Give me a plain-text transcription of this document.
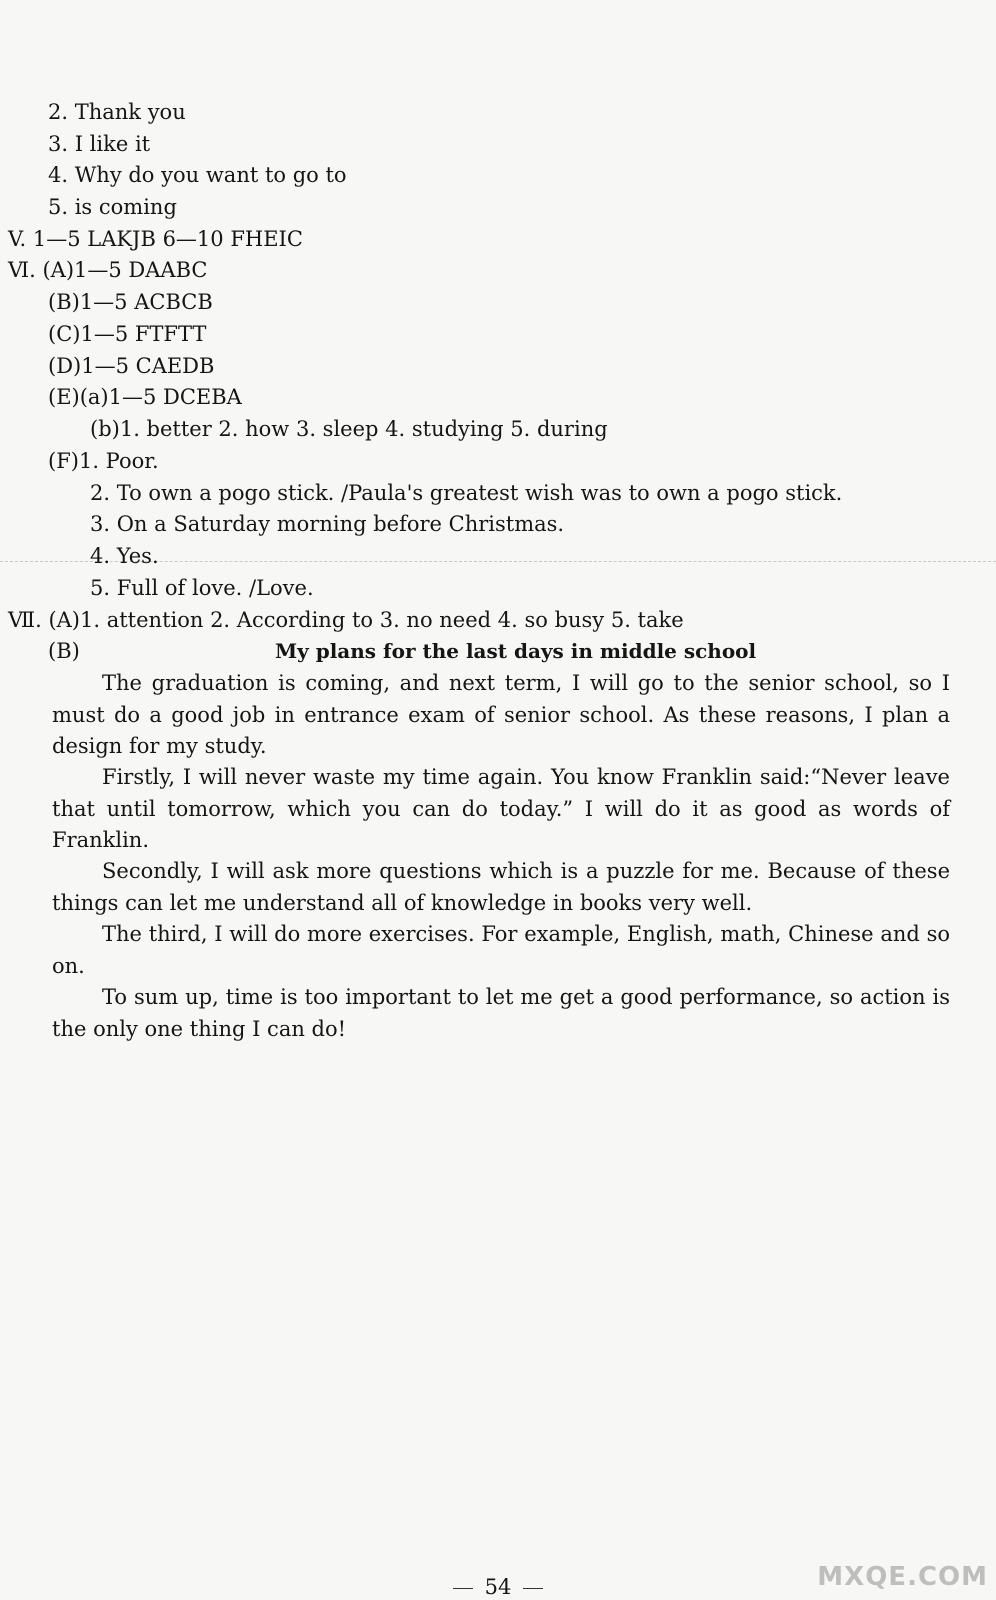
2. Thank you
3. I like it
4. Why do you want to go to
5. is coming
V. 1—5 LAKJB 6—10 FHEIC
Ⅵ. (A)1—5 DAABC
(B)1—5 ACBCB
(C)1—5 FTFTT
(D)1—5 CAEDB
(E)(a)1—5 DCEBA
(b)1. better 2. how 3. sleep 4. studying 5. during
(F)1. Poor.
2. To own a pogo stick. /Paula's greatest wish was to own a pogo stick.
3. On a Saturday morning before Christmas.
4. Yes.
5. Full of love. /Love.
Ⅶ. (A)1. attention 2. According to 3. no need 4. so busy 5. take
(B)	My plans for the last days in middle school
The graduation is coming, and next term, I will go to the senior school, so I must do a good job in entrance exam of senior school. As these reasons, I plan a design for my study.
Firstly, I will never waste my time again. You know Franklin said:“Never leave that until tomorrow, which you can do today.” I will do it as good as words of Franklin.
Secondly, I will ask more questions which is a puzzle for me. Because of these things can let me understand all of knowledge in books very well.
The third, I will do more exercises. For example, English, math, Chinese and so on.
To sum up, time is too important to let me get a good performance, so action is the only one thing I can do!
54	MXQE.COM
